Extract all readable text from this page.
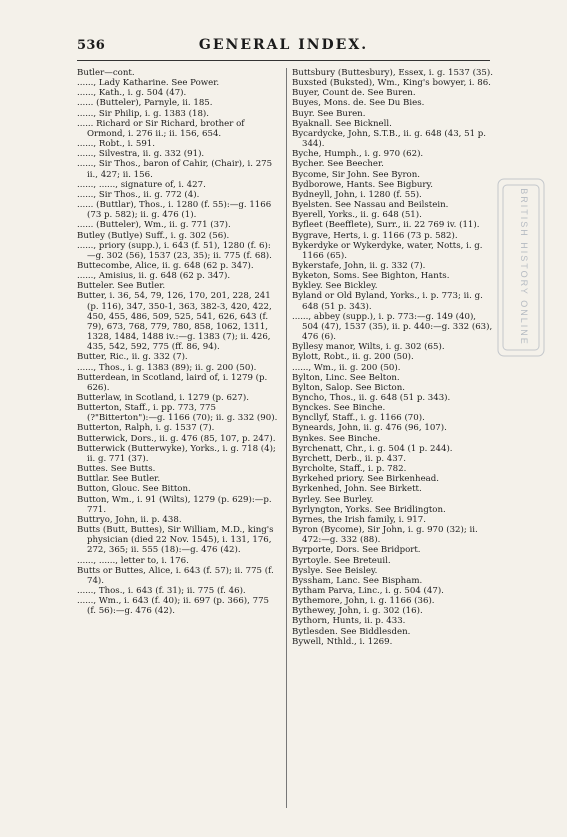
536	GENERAL INDEX.

Butler—cont.

......, Lady Katharine. See Power.

......, Kath., i. g. 504 (47).

...... (Butteler), Parnyle, ii. 185.

......, Sir Philip, i. g. 1383 (18).

...... Richard or Sir Richard, brother of Ormond, i. 276 ii.; ii. 156, 654.

......, Robt., i. 591.

......, Silvestra, ii. g. 332 (91).

......, Sir Thos., baron of Cahir, (Chair), i. 275 ii., 427; ii. 156.

......, ......, signature of, i. 427.

......, Sir Thos., ii. g. 772 (4).

...... (Buttlar), Thos., i. 1280 (f. 55):—g. 1166 (73 p. 582); ii. g. 476 (1).

...... (Butteler), Wm., ii. g. 771 (37).

Butley (Butlye) Suff., i. g. 302 (56).

......, priory (supp.), i. 643 (f. 51), 1280 (f. 6):—g. 302 (56), 1537 (23, 35); ii. 775 (f. 68).

Buttecombe, Alice, ii. g. 648 (62 p. 347).

......, Amisius, ii. g. 648 (62 p. 347).

Butteler. See Butler.

Butter, i. 36, 54, 79, 126, 170, 201, 228, 241 (p. 116), 347, 350-1, 363, 382-3, 420, 422, 450, 455, 486, 509, 525, 541, 626, 643 (f. 79), 673, 768, 779, 780, 858, 1062, 1311, 1328, 1484, 1488 iv.:—g. 1383 (7); ii. 426, 435, 542, 592, 775 (ff. 86, 94).

Butter, Ric., ii. g. 332 (7).

......, Thos., i. g. 1383 (89); ii. g. 200 (50).

Butterdean, in Scotland, laird of, i. 1279 (p. 626).

Butterlaw, in Scotland, i. 1279 (p. 627).

Butterton, Staff., i. pp. 773, 775 (?"Bitterton"):—g. 1166 (70); ii. g. 332 (90).

Butterton, Ralph, i. g. 1537 (7).

Butterwick, Dors., ii. g. 476 (85, 107, p. 247).

Butterwick (Butterwyke), Yorks., i. g. 718 (4); ii. g. 771 (37).

Buttes. See Butts.

Buttlar. See Butler.

Button, Glouc. See Bitton.

Button, Wm., i. 91 (Wilts), 1279 (p. 629):—p. 771.

Buttryo, John, ii. p. 438.

Butts (Butt, Buttes), Sir William, M.D., king's physician (died 22 Nov. 1545), i. 131, 176, 272, 365; ii. 555 (18):—g. 476 (42).

......, ......, letter to, i. 176.

Butts or Buttes, Alice, i. 643 (f. 57); ii. 775 (f. 74).

......, Thos., i. 643 (f. 31); ii. 775 (f. 46).

......, Wm., i. 643 (f. 40); ii. 697 (p. 366), 775 (f. 56):—g. 476 (42).

Buttsbury (Buttesbury), Essex, i. g. 1537 (35).

Buxsted (Buksted), Wm., King's bowyer, i. 86.

Buyer, Count de. See Buren.

Buyes, Mons. de. See Du Bies.

Buyr. See Buren.

Byaknall. See Bicknell.

Bycardycke, John, S.T.B., ii. g. 648 (43, 51 p. 344).

Byche, Humph., i. g. 970 (62).

Bycher. See Beecher.

Bycome, Sir John. See Byron.

Bydborowe, Hants. See Bigbury.

Bydneyll, John, i. 1280 (f. 55).

Byelsten. See Nassau and Beilstein.

Byerell, Yorks., ii. g. 648 (51).

Byfleet (Beefflete), Surr., ii. 22 769 iv. (11).

Bygrave, Herts, i. g. 1166 (73 p. 582).

Bykerdyke or Wykerdyke, water, Notts, i. g. 1166 (65).

Bykerstafe, John, ii. g. 332 (7).

Byketon, Soms. See Bighton, Hants.

Bykley. See Bickley.

Byland or Old Byland, Yorks., i. p. 773; ii. g. 648 (51 p. 343).

......, abbey (supp.), i. p. 773:—g. 149 (40), 504 (47), 1537 (35), ii. p. 440:—g. 332 (63), 476 (6).

Byllesy manor, Wilts, i. g. 302 (65).

Bylott, Robt., ii. g. 200 (50).

......, Wm., ii. g. 200 (50).

Bylton, Linc. See Belton.

Bylton, Salop. See Bicton.

Byncho, Thos., ii. g. 648 (51 p. 343).

Bynckes. See Binche.

Byncllyf, Staff., i. g. 1166 (70).

Byneards, John, ii. g. 476 (96, 107).

Bynkes. See Binche.

Byrchenatt, Chr., i. g. 504 (1 p. 244).

Byrchett, Derb., ii. p. 437.

Byrcholte, Staff., i. p. 782.

Byrkehed priory. See Birkenhead.

Byrkenhed, John. See Birkett.

Byrley. See Burley.

Byrlyngton, Yorks. See Bridlington.

Byrnes, the Irish family, i. 917.

Byron (Bycome), Sir John, i. g. 970 (32); ii. 472:—g. 332 (88).

Byrporte, Dors. See Bridport.

Byrtoyle. See Breteuil.

Byslye. See Beisley.

Byssham, Lanc. See Bispham.

Bytham Parva, Linc., i. g. 504 (47).

Bythemore, John, i. g. 1166 (36).

Bythewey, John, i. g. 302 (16).

Bythorn, Hunts, ii. p. 433.

Bytlesden. See Biddlesden.

Bywell, Nthld., i. 1269.

BRITISH HISTORY ONLINE
